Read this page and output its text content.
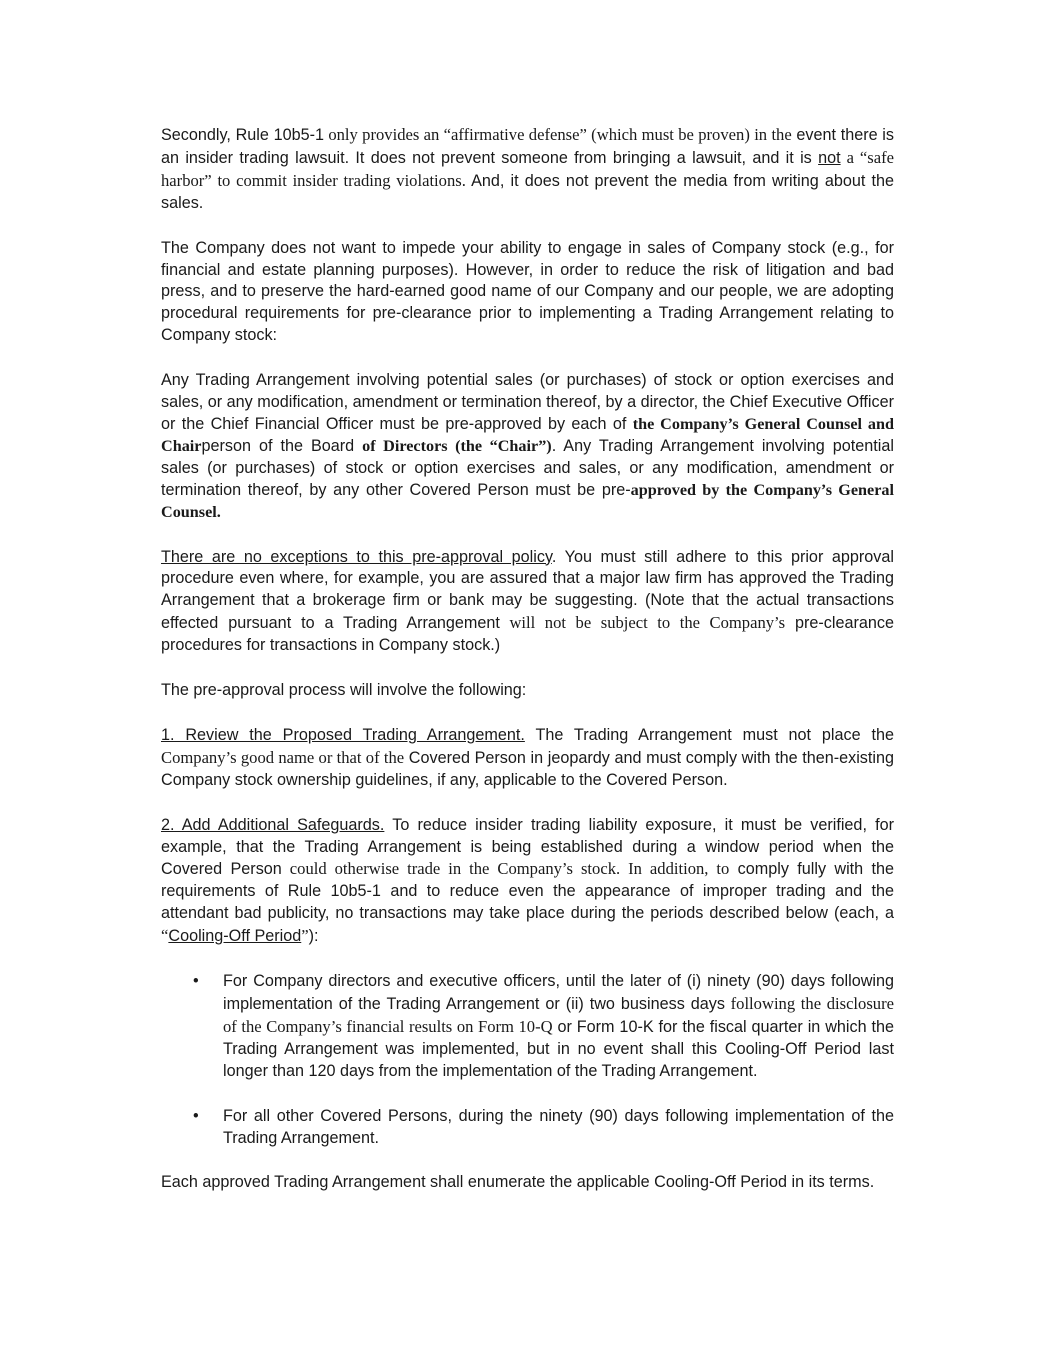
Secondly, Rule 10b5-1 only provides an “affirmative defense” (which must be proven) in the event there is an insider trading lawsuit. It does not prevent someone from bringing a lawsuit, and it is not a “safe harbor” to commit insider trading violations. And, it does not prevent the media from writing about the sales.

The Company does not want to impede your ability to engage in sales of Company stock (e.g., for financial and estate planning purposes). However, in order to reduce the risk of litigation and bad press, and to preserve the hard-earned good name of our Company and our people, we are adopting procedural requirements for pre-clearance prior to implementing a Trading Arrangement relating to Company stock:

Any Trading Arrangement involving potential sales (or purchases) of stock or option exercises and sales, or any modification, amendment or termination thereof, by a director, the Chief Executive Officer or the Chief Financial Officer must be pre-approved by each of the Company’s General Counsel and Chairperson of the Board of Directors (the “Chair”). Any Trading Arrangement involving potential sales (or purchases) of stock or option exercises and sales, or any modification, amendment or termination thereof, by any other Covered Person must be pre-approved by the Company’s General Counsel.

There are no exceptions to this pre-approval policy. You must still adhere to this prior approval procedure even where, for example, you are assured that a major law firm has approved the Trading Arrangement that a brokerage firm or bank may be suggesting. (Note that the actual transactions effected pursuant to a Trading Arrangement will not be subject to the Company’s pre-clearance procedures for transactions in Company stock.)

The pre-approval process will involve the following:

1. Review the Proposed Trading Arrangement. The Trading Arrangement must not place the Company’s good name or that of the Covered Person in jeopardy and must comply with the then-existing Company stock ownership guidelines, if any, applicable to the Covered Person.

2. Add Additional Safeguards. To reduce insider trading liability exposure, it must be verified, for example, that the Trading Arrangement is being established during a window period when the Covered Person could otherwise trade in the Company’s stock. In addition, to comply fully with the requirements of Rule 10b5-1 and to reduce even the appearance of improper trading and the attendant bad publicity, no transactions may take place during the periods described below (each, a “Cooling-Off Period”):

• For Company directors and executive officers, until the later of (i) ninety (90) days following implementation of the Trading Arrangement or (ii) two business days following the disclosure of the Company’s financial results on Form 10-Q or Form 10-K for the fiscal quarter in which the Trading Arrangement was implemented, but in no event shall this Cooling-Off Period last longer than 120 days from the implementation of the Trading Arrangement.
• For all other Covered Persons, during the ninety (90) days following implementation of the Trading Arrangement.

Each approved Trading Arrangement shall enumerate the applicable Cooling-Off Period in its terms.
